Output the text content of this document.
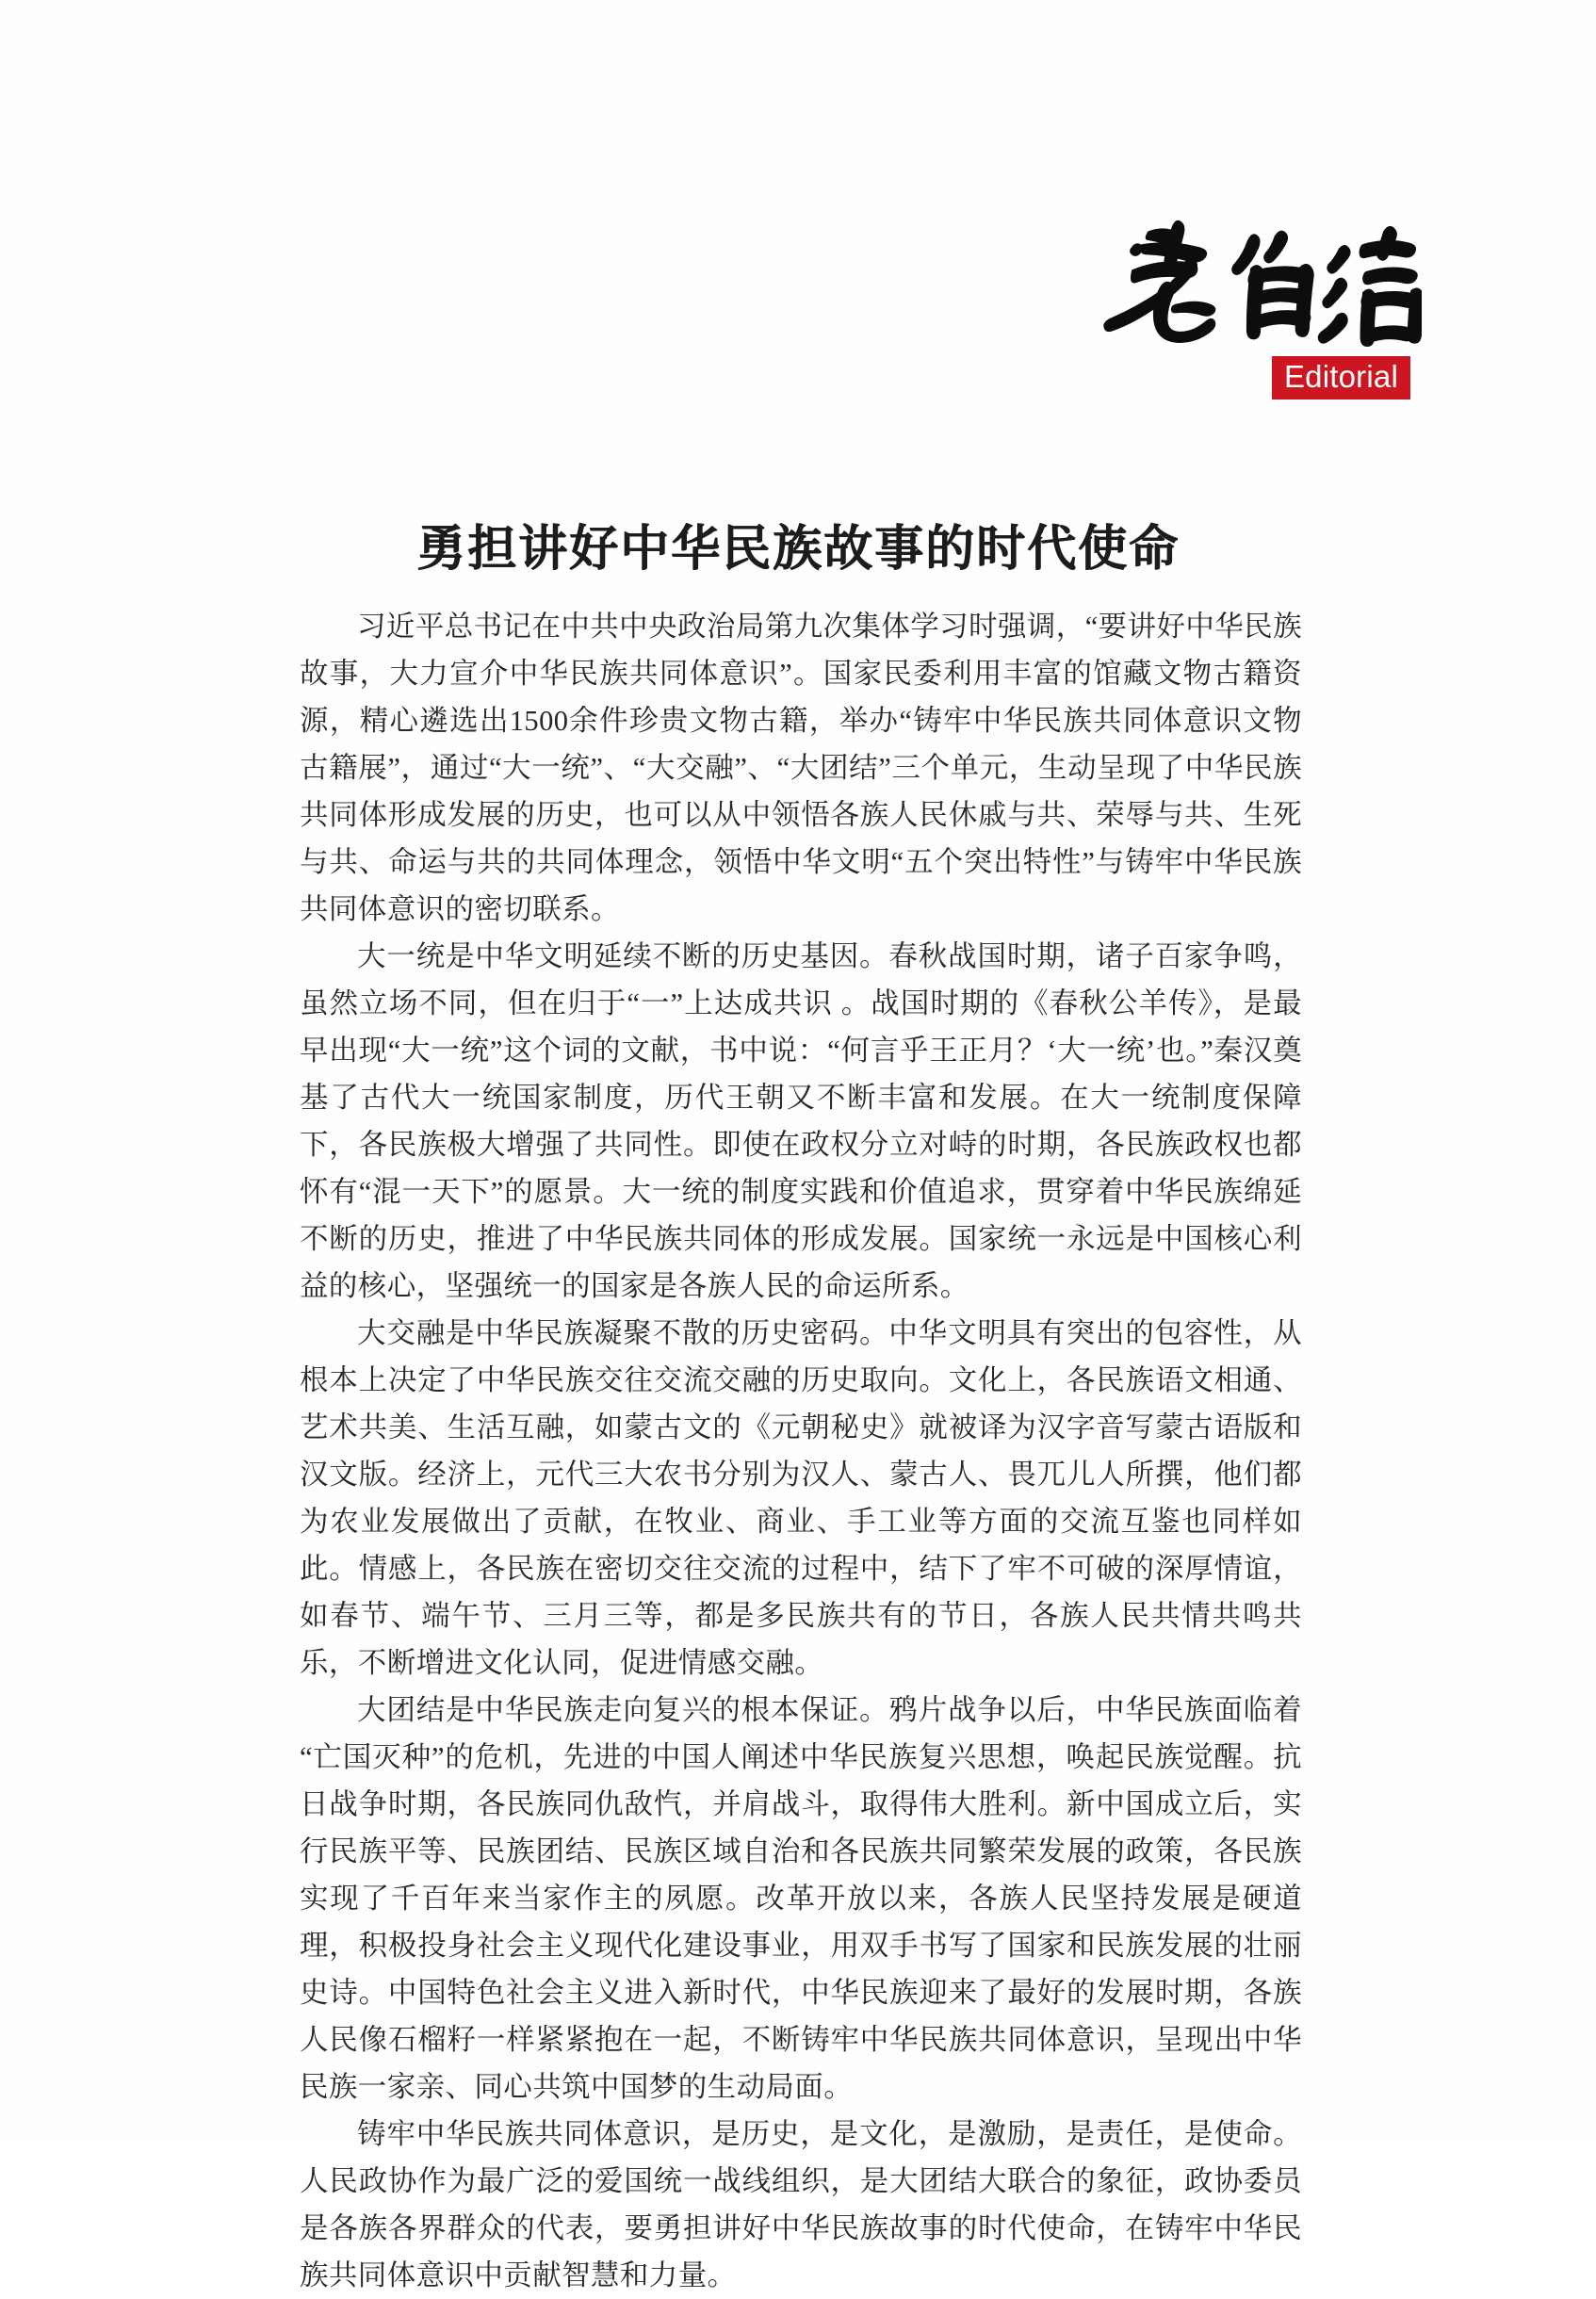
Editorial
勇担讲好中华民族故事的时代使命

习近平总书记在中共中央政治局第九次集体学习时强调，“要讲好中华民族故事，大力宣介中华民族共同体意识”。国家民委利用丰富的馆藏文物古籍资源，精心遴选出1500余件珍贵文物古籍，举办“铸牢中华民族共同体意识文物古籍展”，通过“大一统”、“大交融”、“大团结”三个单元，生动呈现了中华民族共同体形成发展的历史，也可以从中领悟各族人民休戚与共、荣辱与共、生死与共、命运与共的共同体理念，领悟中华文明“五个突出特性”与铸牢中华民族共同体意识的密切联系。

大一统是中华文明延续不断的历史基因。春秋战国时期，诸子百家争鸣，虽然立场不同，但在归于“一”上达成共识 。战国时期的《春秋公羊传》，是最早出现“大一统”这个词的文献，书中说：“何言乎王正月？‘大一统’也。”秦汉奠基了古代大一统国家制度，历代王朝又不断丰富和发展。在大一统制度保障下，各民族极大增强了共同性。即使在政权分立对峙的时期，各民族政权也都怀有“混一天下”的愿景。大一统的制度实践和价值追求，贯穿着中华民族绵延不断的历史，推进了中华民族共同体的形成发展。国家统一永远是中国核心利益的核心，坚强统一的国家是各族人民的命运所系。

大交融是中华民族凝聚不散的历史密码。中华文明具有突出的包容性，从根本上决定了中华民族交往交流交融的历史取向。文化上，各民族语文相通、艺术共美、生活互融，如蒙古文的《元朝秘史》就被译为汉字音写蒙古语版和汉文版。经济上，元代三大农书分别为汉人、蒙古人、畏兀儿人所撰，他们都为农业发展做出了贡献，在牧业、商业、手工业等方面的交流互鉴也同样如此。情感上，各民族在密切交往交流的过程中，结下了牢不可破的深厚情谊，如春节、端午节、三月三等，都是多民族共有的节日，各族人民共情共鸣共乐，不断增进文化认同，促进情感交融。

大团结是中华民族走向复兴的根本保证。鸦片战争以后，中华民族面临着“亡国灭种”的危机，先进的中国人阐述中华民族复兴思想，唤起民族觉醒。抗日战争时期，各民族同仇敌忾，并肩战斗，取得伟大胜利。新中国成立后，实行民族平等、民族团结、民族区域自治和各民族共同繁荣发展的政策，各民族实现了千百年来当家作主的夙愿。改革开放以来，各族人民坚持发展是硬道理，积极投身社会主义现代化建设事业，用双手书写了国家和民族发展的壮丽史诗。中国特色社会主义进入新时代，中华民族迎来了最好的发展时期，各族人民像石榴籽一样紧紧抱在一起，不断铸牢中华民族共同体意识，呈现出中华民族一家亲、同心共筑中国梦的生动局面。

铸牢中华民族共同体意识，是历史，是文化，是激励，是责任，是使命。人民政协作为最广泛的爱国统一战线组织，是大团结大联合的象征，政协委员是各族各界群众的代表，要勇担讲好中华民族故事的时代使命，在铸牢中华民族共同体意识中贡献智慧和力量。
